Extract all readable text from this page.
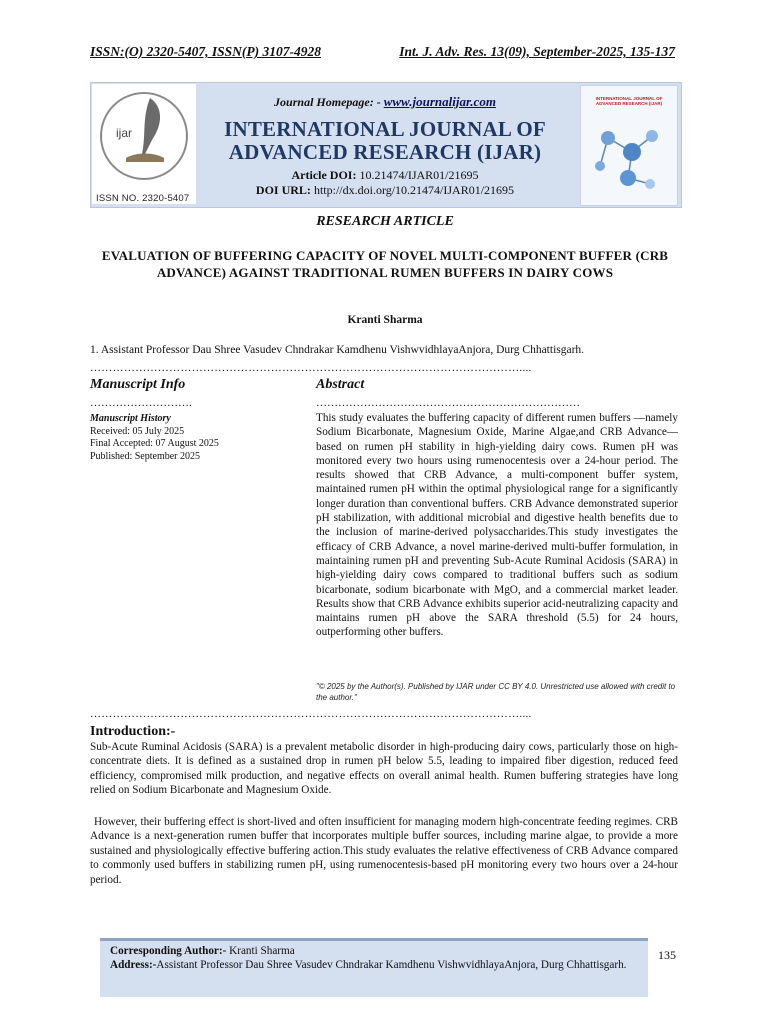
ISSN:(O) 2320-5407, ISSN(P) 3107-4928	Int. J. Adv. Res. 13(09), September-2025, 135-137
ijar
ISSN NO. 2320-5407
Journal Homepage: - www.journalijar.com
INTERNATIONAL JOURNAL OF
ADVANCED RESEARCH (IJAR)
Article DOI: 10.21474/IJAR01/21695
DOI URL: http://dx.doi.org/10.21474/IJAR01/21695
INTERNATIONAL JOURNAL OF ADVANCED RESEARCH (IJAR)
RESEARCH ARTICLE
EVALUATION OF BUFFERING CAPACITY OF NOVEL MULTI-COMPONENT BUFFER (CRB ADVANCE) AGAINST TRADITIONAL RUMEN BUFFERS IN DAIRY COWS
Kranti Sharma
1. Assistant Professor Dau Shree Vasudev Chndrakar Kamdhenu VishwvidhlayaAnjora, Durg Chhattisgarh.
……………………………………………………………………………………………………....
Manuscript Info	Abstract
……………………….	………………………………………………………………
Manuscript History
Received: 05 July 2025
Final Accepted: 07 August 2025
Published: September 2025
This study evaluates the buffering capacity of different rumen buffers —namely Sodium Bicarbonate, Magnesium Oxide, Marine Algae,and CRB Advance—based on rumen pH stability in high-yielding dairy cows. Rumen pH was monitored every two hours using rumenocentesis over a 24-hour period. The results showed that CRB Advance, a multi-component buffer system, maintained rumen pH within the optimal physiological range for a significantly longer duration than conventional buffers. CRB Advance demonstrated superior pH stabilization, with additional microbial and digestive health benefits due to the inclusion of marine-derived polysaccharides.This study investigates the efficacy of CRB Advance, a novel marine-derived multi-buffer formulation, in maintaining rumen pH and preventing Sub-Acute Ruminal Acidosis (SARA) in high-yielding dairy cows compared to traditional buffers such as sodium bicarbonate, sodium bicarbonate with MgO, and a commercial market leader. Results show that CRB Advance exhibits superior acid-neutralizing capacity and maintains rumen pH above the SARA threshold (5.5) for 24 hours, outperforming other buffers.
"© 2025 by the Author(s). Published by IJAR under CC BY 4.0. Unrestricted use allowed with credit to the author."
……………………………………………………………………………………………………....
Introduction:-
Sub-Acute Ruminal Acidosis (SARA) is a prevalent metabolic disorder in high-producing dairy cows, particularly those on high-concentrate diets. It is defined as a sustained drop in rumen pH below 5.5, leading to impaired fiber digestion, reduced feed efficiency, compromised milk production, and negative effects on overall animal health. Rumen buffering strategies have long relied on Sodium Bicarbonate and Magnesium Oxide.
However, their buffering effect is short-lived and often insufficient for managing modern high-concentrate feeding regimes. CRB Advance is a next-generation rumen buffer that incorporates multiple buffer sources, including marine algae, to provide a more sustained and physiologically effective buffering action.This study evaluates the relative effectiveness of CRB Advance compared to commonly used buffers in stabilizing rumen pH, using rumenocentesis-based pH monitoring every two hours over a 24-hour period.
Corresponding Author:- Kranti Sharma
Address:-Assistant Professor Dau Shree Vasudev Chndrakar Kamdhenu VishwvidhlayaAnjora, Durg Chhattisgarh.
135
